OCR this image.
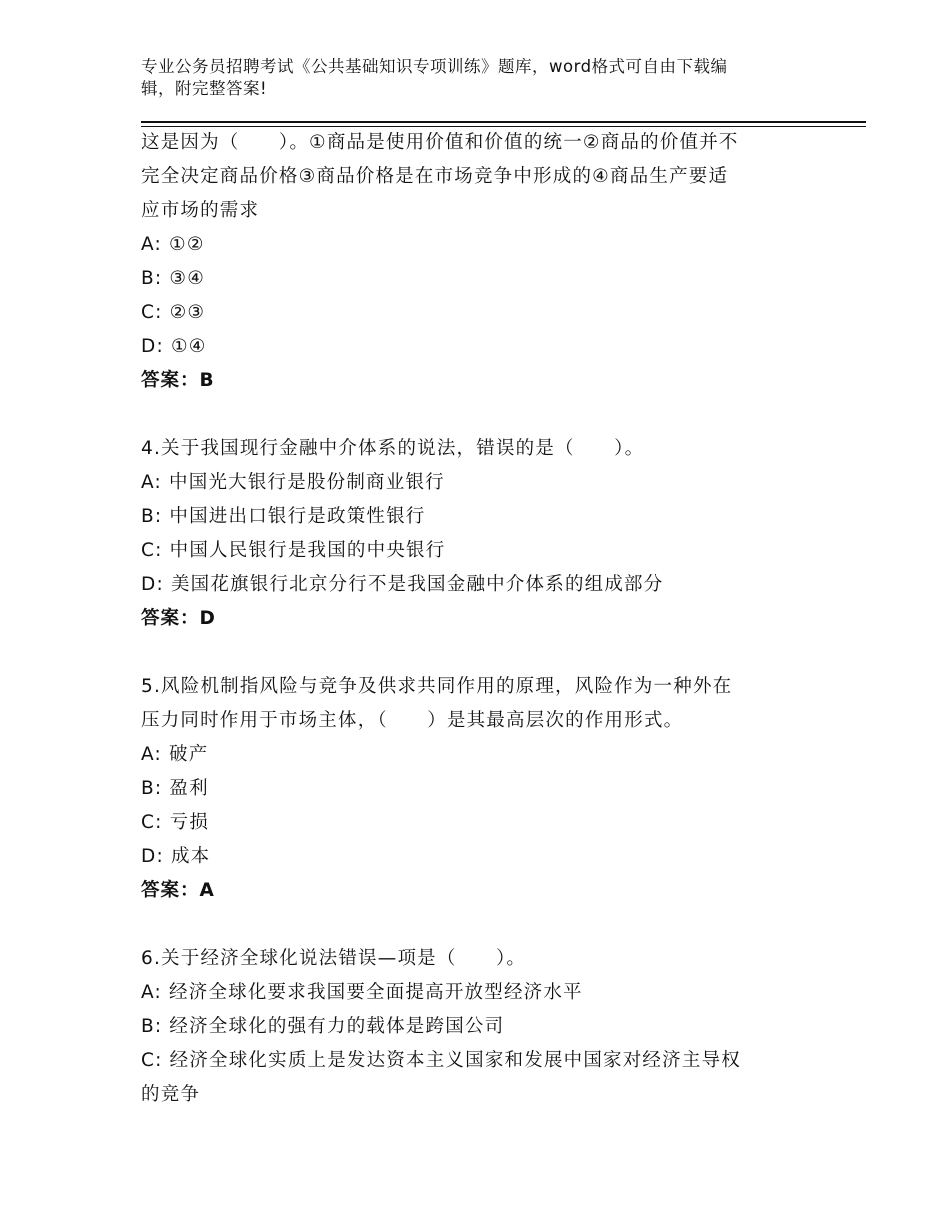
专业公务员招聘考试《公共基础知识专项训练》题库，word格式可自由下载编
辑，附完整答案!
这是因为（　　）。①商品是使用价值和价值的统一②商品的价值并不
完全决定商品价格③商品价格是在市场竞争中形成的④商品生产要适
应市场的需求
A: ①②
B: ③④
C: ②③
D: ①④
答案：B
4.关于我国现行金融中介体系的说法，错误的是（　　）。
A: 中国光大银行是股份制商业银行
B: 中国进出口银行是政策性银行
C: 中国人民银行是我国的中央银行
D: 美国花旗银行北京分行不是我国金融中介体系的组成部分
答案：D
5.风险机制指风险与竞争及供求共同作用的原理，风险作为一种外在
压力同时作用于市场主体，（　　）是其最高层次的作用形式。
A: 破产
B: 盈利
C: 亏损
D: 成本
答案：A
6.关于经济全球化说法错误—项是（　　）。
A: 经济全球化要求我国要全面提高开放型经济水平
B: 经济全球化的强有力的载体是跨国公司
C: 经济全球化实质上是发达资本主义国家和发展中国家对经济主导权
的竞争
